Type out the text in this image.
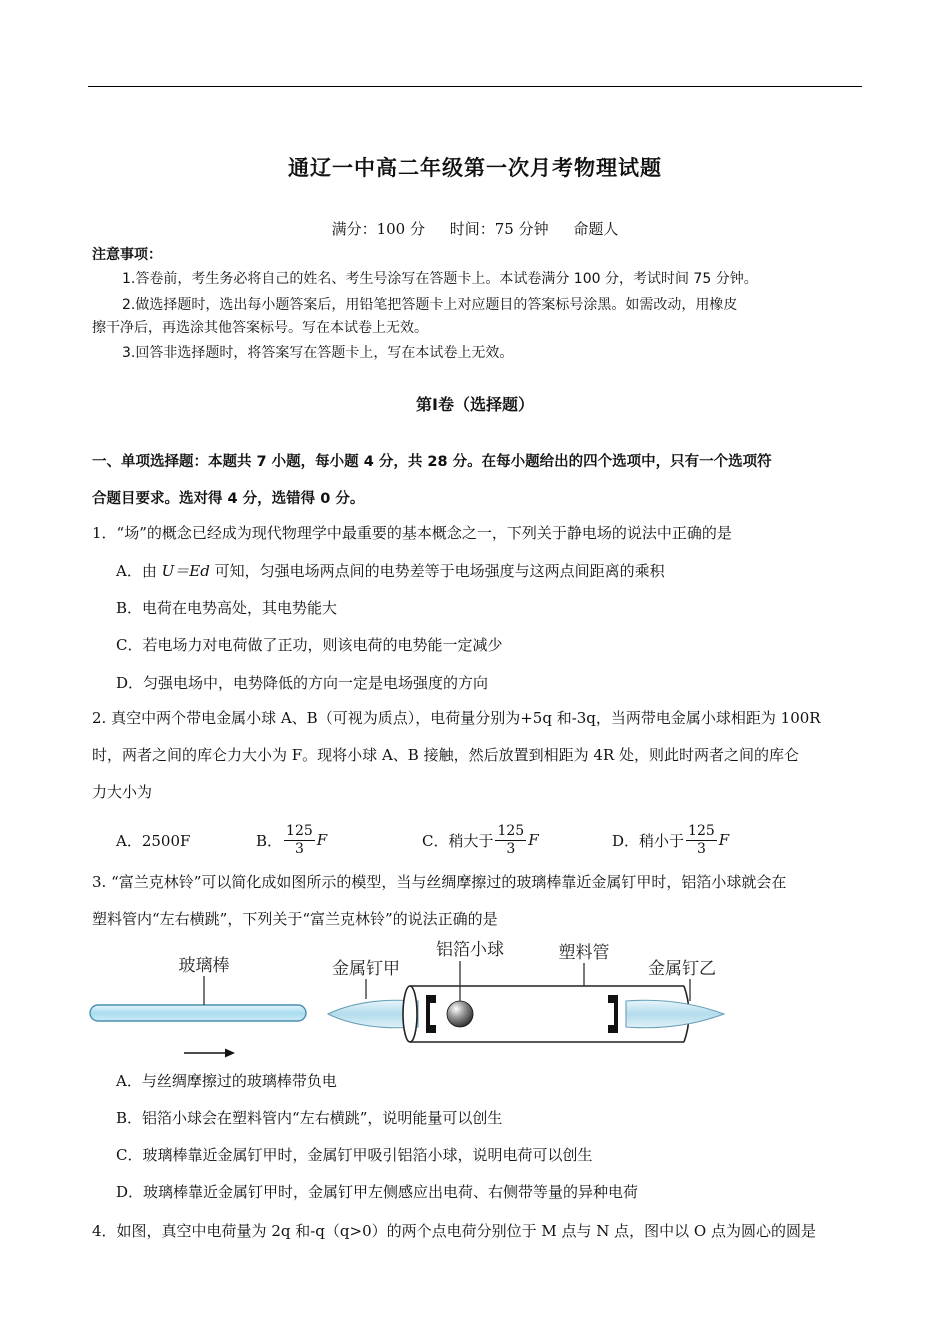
通辽一中高二年级第一次月考物理试题
满分：100 分 时间：75 分钟 命题人
注意事项：
1.答卷前，考生务必将自己的姓名、考生号涂写在答题卡上。本试卷满分 100 分，考试时间 75 分钟。
2.做选择题时，选出每小题答案后，用铅笔把答题卡上对应题目的答案标号涂黑。如需改动，用橡皮
擦干净后，再选涂其他答案标号。写在本试卷上无效。
3.回答非选择题时，将答案写在答题卡上，写在本试卷上无效。
第Ⅰ卷（选择题）
一、单项选择题：本题共 7 小题，每小题 4 分，共 28 分。在每小题给出的四个选项中，只有一个选项符
合题目要求。选对得 4 分，选错得 0 分。
1．“场”的概念已经成为现代物理学中最重要的基本概念之一，下列关于静电场的说法中正确的是
A．由 U＝Ed 可知，匀强电场两点间的电势差等于电场强度与这两点间距离的乘积
B．电荷在电势高处，其电势能大
C．若电场力对电荷做了正功，则该电荷的电势能一定减少
D．匀强电场中，电势降低的方向一定是电场强度的方向
2. 真空中两个带电金属小球 A、B（可视为质点），电荷量分别为+5q 和-3q，当两带电金属小球相距为 100R
时，两者之间的库仑力大小为 F。现将小球 A、B 接触，然后放置到相距为 4R 处，则此时两者之间的库仑
力大小为
A．2500F	B． $\frac{125}{3}$ F	C．稍大于 $\frac{125}{3}$ F	D．稍小于 $\frac{125}{3}$ F
3. “富兰克林铃”可以简化成如图所示的模型，当与丝绸摩擦过的玻璃棒靠近金属钉甲时，铝箔小球就会在
塑料管内“左右横跳”，下列关于“富兰克林铃”的说法正确的是
玻璃棒	金属钉甲
塑料管
铝箔小球
金属钉乙
A．与丝绸摩擦过的玻璃棒带负电
B．铝箔小球会在塑料管内“左右横跳”，说明能量可以创生
C．玻璃棒靠近金属钉甲时，金属钉甲吸引铝箔小球，说明电荷可以创生
D．玻璃棒靠近金属钉甲时，金属钉甲左侧感应出电荷、右侧带等量的异种电荷
4．如图，真空中电荷量为 2q 和-q（q>0）的两个点电荷分别位于 M 点与 N 点，图中以 O 点为圆心的圆是
